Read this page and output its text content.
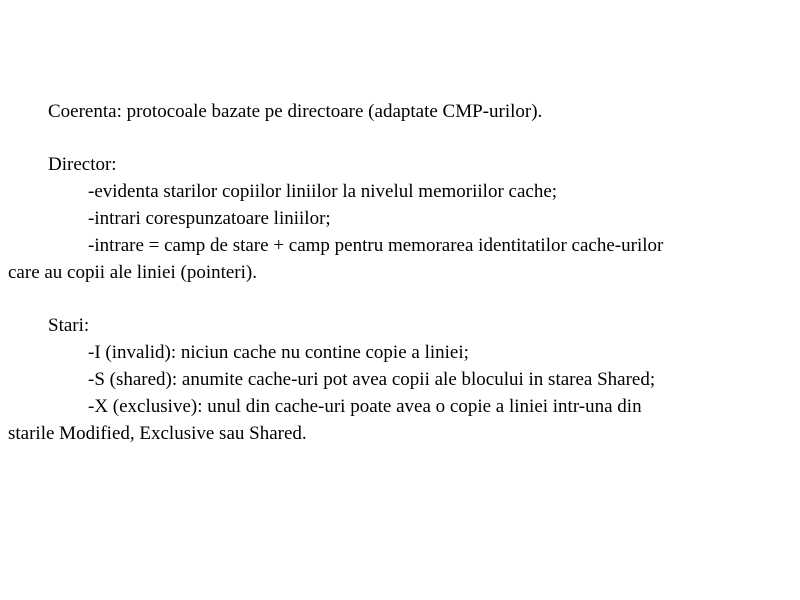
Coerenta: protocoale bazate pe directoare (adaptate CMP-urilor).
Director:
-evidenta starilor copiilor liniilor la nivelul memoriilor cache;
-intrari corespunzatoare liniilor;
-intrare = camp de stare + camp pentru memorarea identitatilor cache-urilor
care au copii ale liniei (pointeri).
Stari:
-I (invalid): niciun cache nu contine copie a liniei;
-S (shared): anumite cache-uri pot avea copii ale blocului in starea Shared;
-X (exclusive): unul din cache-uri poate avea o copie a liniei intr-una din
starile Modified, Exclusive sau Shared.
